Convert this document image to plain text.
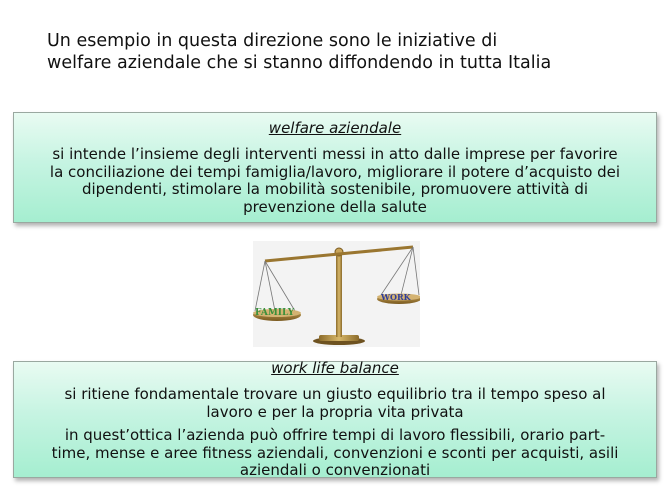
Un esempio in questa direzione sono le iniziative di
welfare aziendale che si stanno diffondendo in tutta Italia
welfare aziendale
si intende l’insieme degli interventi messi in atto dalle imprese per favorire
la conciliazione dei tempi famiglia/lavoro, migliorare il potere d’acquisto dei
dipendenti, stimolare la mobilità sostenibile, promuovere attività di
prevenzione della salute
FAMILY
WORK
work life balance
si ritiene fondamentale trovare un giusto equilibrio tra il tempo speso al
lavoro e per la propria vita privata
in quest’ottica l’azienda può offrire tempi di lavoro flessibili, orario part-
time, mense e aree fitness aziendali, convenzioni e sconti per acquisti, asili
aziendali o convenzionati
